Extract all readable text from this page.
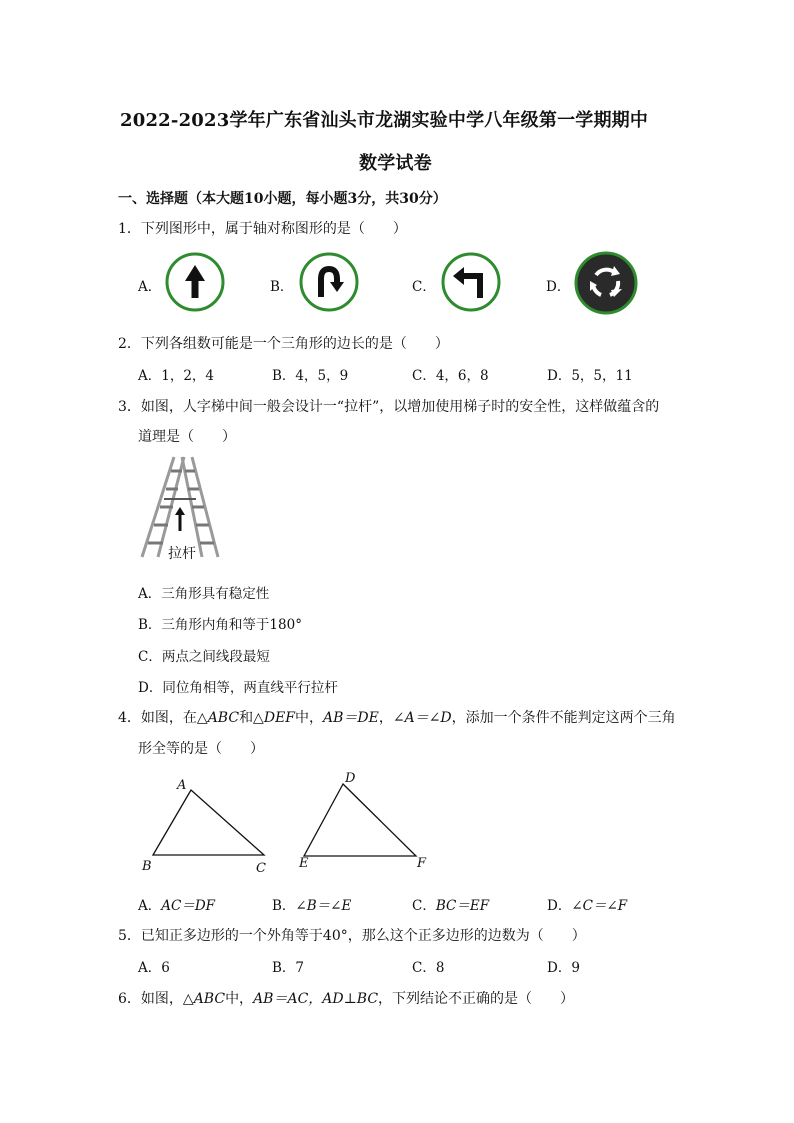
2022-2023学年广东省汕头市龙湖实验中学八年级第一学期期中
数学试卷
一、选择题（本大题10小题，每小题3分，共30分）
1．下列图形中，属于轴对称图形的是（　　）
A．	B．	C．	D．
2．下列各组数可能是一个三角形的边长的是（　　）
A．1，2，4	B．4，5，9	C．4，6，8	D．5，5，11
3．如图，人字梯中间一般会设计一“拉杆”，以增加使用梯子时的安全性，这样做蕴含的
道理是（　　）
拉杆
A．三角形具有稳定性
B．三角形内角和等于180°
C．两点之间线段最短
D．同位角相等，两直线平行拉杆
4．如图，在△ABC和△DEF中，AB＝DE，∠A＝∠D，添加一个条件不能判定这两个三角
形全等的是（　　）
A
B	C
D
E	F
A．AC＝DF	B．∠B＝∠E	C．BC＝EF	D．∠C＝∠F
5．已知正多边形的一个外角等于40°，那么这个正多边形的边数为（　　）
A．6	B．7	C．8	D．9
6．如图，△ABC中，AB＝AC，AD⊥BC，下列结论不正确的是（　　）
